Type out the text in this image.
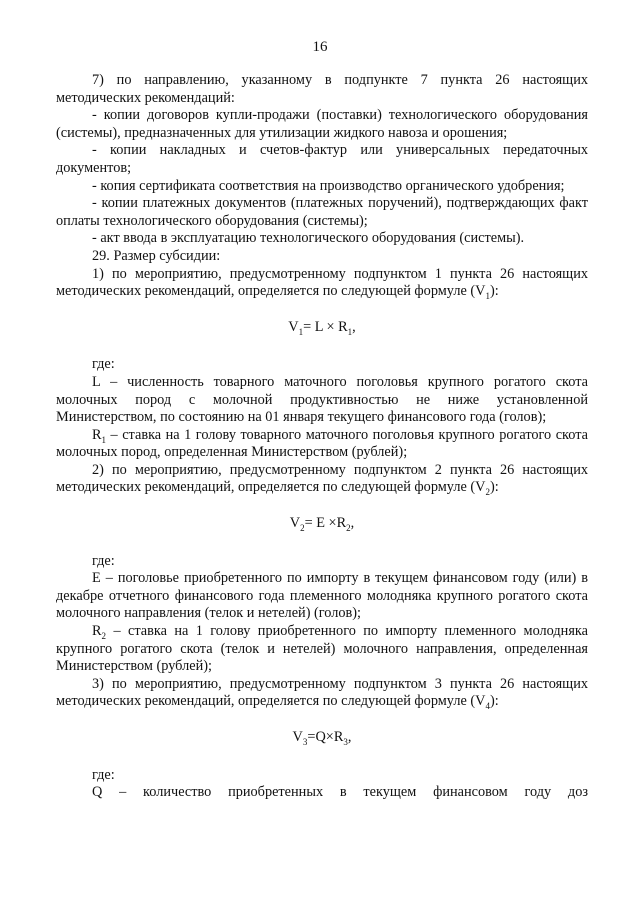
16

7) по направлению, указанному в подпункте 7 пункта 26 настоящих методических рекомендаций:

- копии договоров купли-продажи (поставки) технологического оборудования (системы), предназначенных для утилизации жидкого навоза и орошения;

- копии накладных и счетов-фактур или универсальных передаточных документов;

- копия сертификата соответствия на производство органического удобрения;

- копии платежных документов (платежных поручений), подтверждающих факт оплаты технологического оборудования (системы);

- акт ввода в эксплуатацию технологического оборудования (системы).

29. Размер субсидии:

1) по мероприятию, предусмотренному подпунктом 1 пункта 26 настоящих методических рекомендаций, определяется по следующей формуле $(V_1)$:

$V_1= L \times R_1$,

где:

L – численность товарного маточного поголовья крупного рогатого скота молочных пород с молочной продуктивностью не ниже установленной Министерством, по состоянию на 01 января текущего финансового года (голов);

$R_1$ – ставка на 1 голову товарного маточного поголовья крупного рогатого скота молочных пород, определенная Министерством (рублей);

2) по мероприятию, предусмотренному подпунктом 2 пункта 26 настоящих методических рекомендаций, определяется по следующей формуле $(V_2)$:

$V_2= E \times R_2$,

где:

E – поголовье приобретенного по импорту в текущем финансовом году (или) в декабре отчетного финансового года племенного молодняка крупного рогатого скота молочного направления (телок и нетелей) (голов);

$R_2$ – ставка на 1 голову приобретенного по импорту племенного молодняка крупного рогатого скота (телок и нетелей) молочного направления, определенная Министерством (рублей);

3) по мероприятию, предусмотренному подпунктом 3 пункта 26 настоящих методических рекомендаций, определяется по следующей формуле $(V_4)$:

$V_3=Q\times R_3$,

где:

Q – количество приобретенных в текущем финансовом году доз
